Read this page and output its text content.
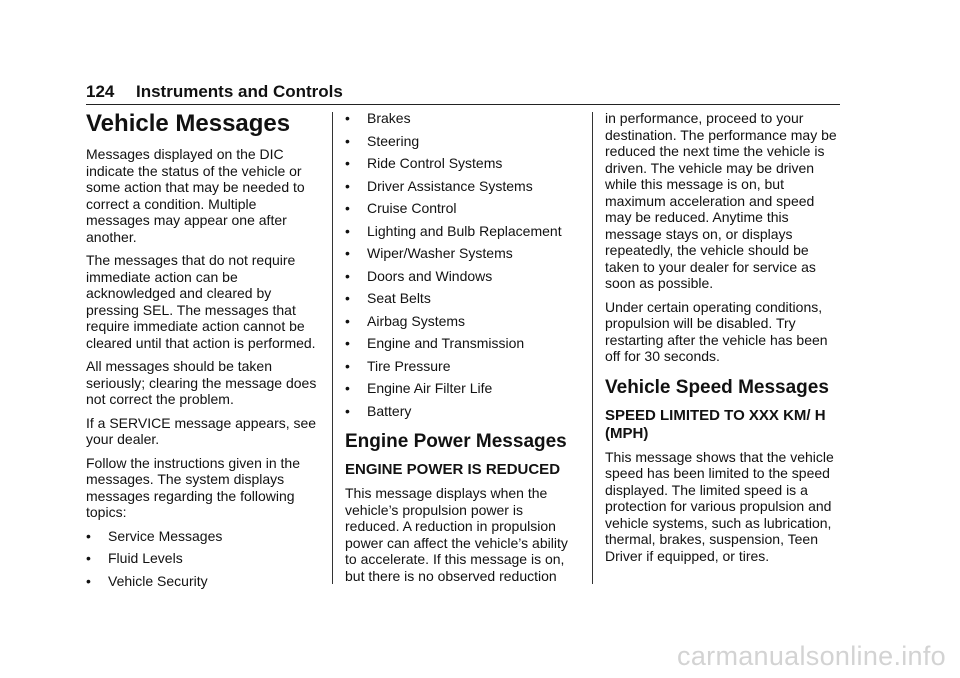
124 Instruments and Controls
Vehicle Messages

Messages displayed on the DIC indicate the status of the vehicle or some action that may be needed to correct a condition. Multiple messages may appear one after another.

The messages that do not require immediate action can be acknowledged and cleared by pressing SEL. The messages that require immediate action cannot be cleared until that action is performed.

All messages should be taken seriously; clearing the message does not correct the problem.

If a SERVICE message appears, see your dealer.

Follow the instructions given in the messages. The system displays messages regarding the following topics:

• Service Messages
• Fluid Levels
• Vehicle Security
• Brakes
• Steering
• Ride Control Systems
• Driver Assistance Systems
• Cruise Control
• Lighting and Bulb Replacement
• Wiper/Washer Systems
• Doors and Windows
• Seat Belts
• Airbag Systems
• Engine and Transmission
• Tire Pressure
• Engine Air Filter Life
• Battery
Engine Power Messages
ENGINE POWER IS REDUCED

This message displays when the vehicle’s propulsion power is reduced. A reduction in propulsion power can affect the vehicle’s ability to accelerate. If this message is on, but there is no observed reduction

in performance, proceed to your destination. The performance may be reduced the next time the vehicle is driven. The vehicle may be driven while this message is on, but maximum acceleration and speed may be reduced. Anytime this message stays on, or displays repeatedly, the vehicle should be taken to your dealer for service as soon as possible.

Under certain operating conditions, propulsion will be disabled. Try restarting after the vehicle has been off for 30 seconds.

Vehicle Speed Messages
SPEED LIMITED TO XXX KM/ H (MPH)

This message shows that the vehicle speed has been limited to the speed displayed. The limited speed is a protection for various propulsion and vehicle systems, such as lubrication, thermal, brakes, suspension, Teen Driver if equipped, or tires.

carmanualsonline.info
